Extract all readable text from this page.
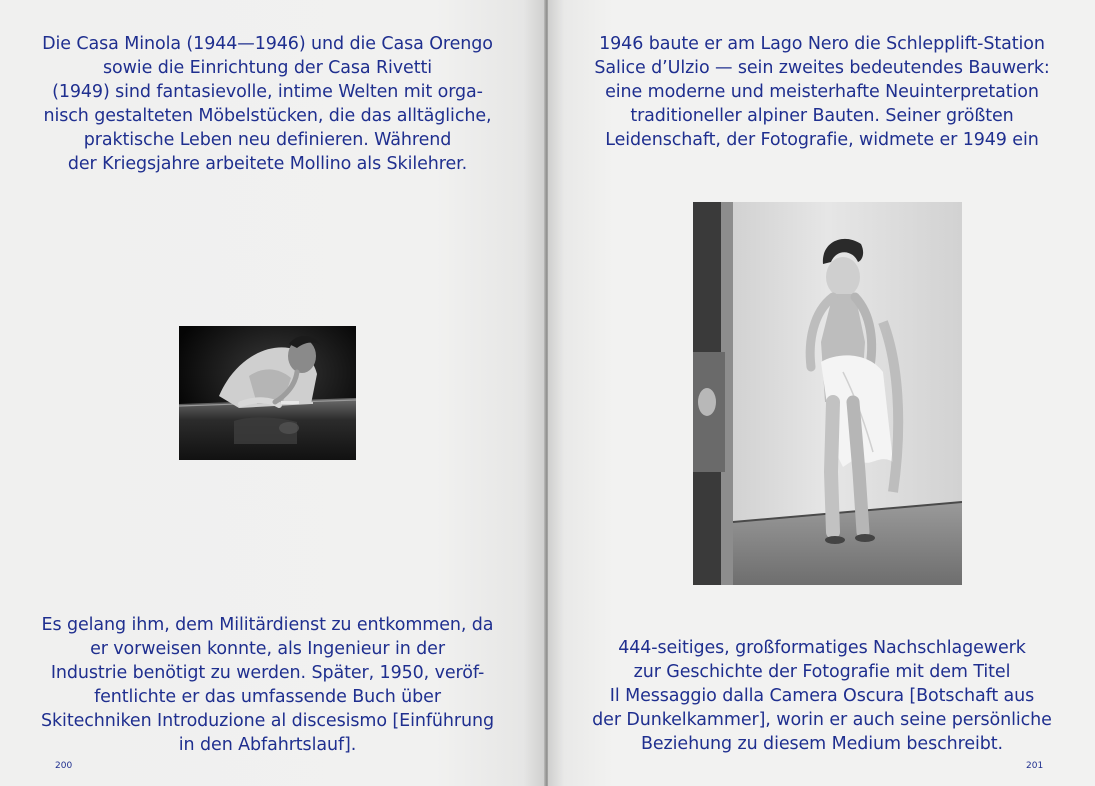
Die Casa Minola (1944—1946) und die Casa Orengo
sowie die Einrichtung der Casa Rivetti
(1949) sind fantasievolle, intime Welten mit orga-
nisch gestalteten Möbelstücken, die das alltägliche,
praktische Leben neu definieren. Während
der Kriegsjahre arbeitete Mollino als Skilehrer.
Es gelang ihm, dem Militärdienst zu entkommen, da
er vorweisen konnte, als Ingenieur in der
Industrie benötigt zu werden. Später, 1950, veröf-
fentlichte er das umfassende Buch über
Skitechniken Introduzione al discesismo [Einführung
in den Abfahrtslauf].
200
1946 baute er am Lago Nero die Schlepplift-Station
Salice d’Ulzio — sein zweites bedeutendes Bauwerk:
eine moderne und meisterhafte Neuinterpretation
traditioneller alpiner Bauten. Seiner größten
Leidenschaft, der Fotografie, widmete er 1949 ein
444-seitiges, großformatiges Nachschlagewerk
zur Geschichte der Fotografie mit dem Titel
Il Messaggio dalla Camera Oscura [Botschaft aus
der Dunkelkammer], worin er auch seine persönliche
Beziehung zu diesem Medium beschreibt.
201
